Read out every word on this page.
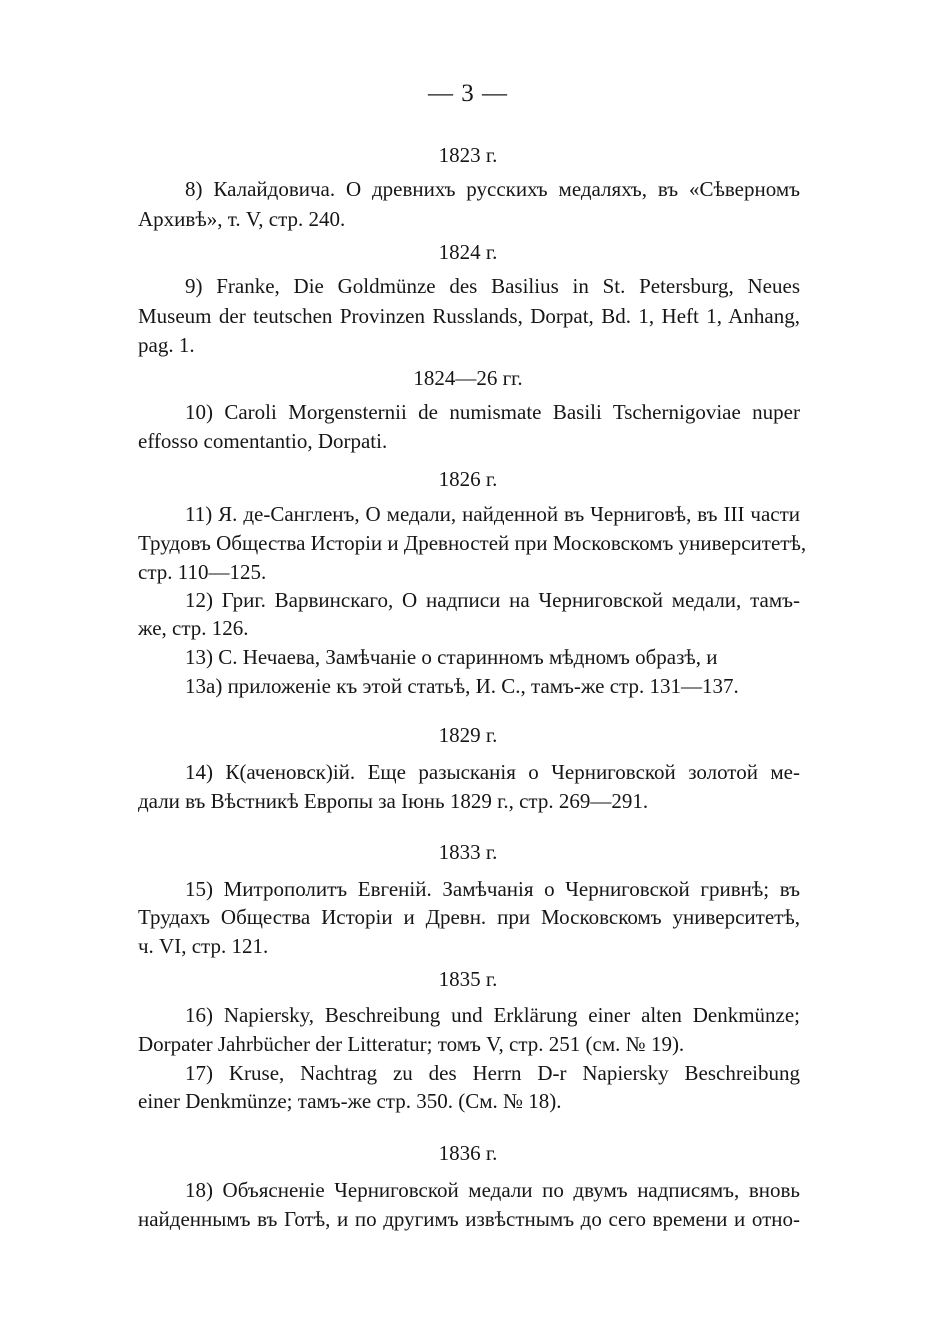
— 3 —
1823 г.
8) Калайдовича. О древнихъ русскихъ медаляхъ, въ «Сѣверномъ
Архивѣ», т. V, стр. 240.
1824 г.
9) Franke, Die Goldmünze des Basilius in St. Petersburg, Neues
Museum der teutschen Provinzen Russlands, Dorpat, Bd. 1, Heft 1, Anhang,
pag. 1.
1824—26 гг.
10) Caroli Morgensternii de numismate Basili Tschernigoviae nuper
effosso comentantio, Dorpati.
1826 г.
11) Я. де-Сангленъ, О медали, найденной въ Черниговѣ, въ III части
Трудовъ Общества Исторіи и Древностей при Московскомъ университетѣ,
стр. 110—125.
12) Григ. Варвинскаго, О надписи на Черниговской медали, тамъ-
же, стр. 126.
13) С. Нечаева, Замѣчаніе о старинномъ мѣдномъ образѣ, и
13а) приложеніе къ этой статьѣ, И. С., тамъ-же стр. 131—137.
1829 г.
14) К(аченовск)ій. Еще разысканія о Черниговской золотой ме-
дали въ Вѣстникѣ Европы за Іюнь 1829 г., стр. 269—291.
1833 г.
15) Митрополитъ Евгеній. Замѣчанія о Черниговской гривнѣ; въ
Трудахъ Общества Исторіи и Древн. при Московскомъ университетѣ,
ч. VI, стр. 121.
1835 г.
16) Napiersky, Beschreibung und Erklärung einer alten Denkmünze;
Dorpater Jahrbücher der Litteratur; томъ V, стр. 251 (см. № 19).
17) Kruse, Nachtrag zu des Herrn D-r Napiersky Beschreibung
einer Denkmünze; тамъ-же стр. 350. (См. № 18).
1836 г.
18) Объясненіе Черниговской медали по двумъ надписямъ, вновь
найденнымъ въ Готѣ, и по другимъ извѣстнымъ до сего времени и отно-
